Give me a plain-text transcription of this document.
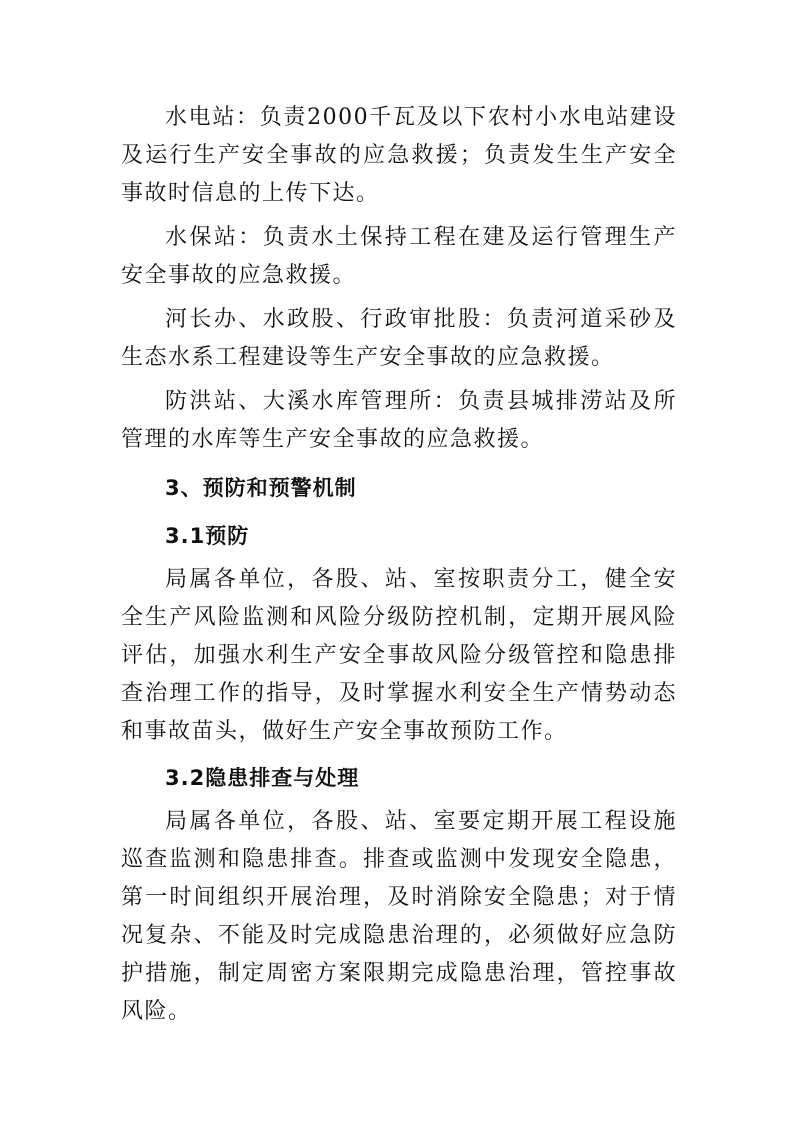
水电站：负责2000千瓦及以下农村小水电站建设及运行生产安全事故的应急救援；负责发生生产安全事故时信息的上传下达。

水保站：负责水土保持工程在建及运行管理生产安全事故的应急救援。

河长办、水政股、行政审批股：负责河道采砂及生态水系工程建设等生产安全事故的应急救援。

防洪站、大溪水库管理所：负责县城排涝站及所管理的水库等生产安全事故的应急救援。

3、预防和预警机制
3.1预防

局属各单位，各股、站、室按职责分工，健全安全生产风险监测和风险分级防控机制，定期开展风险评估，加强水利生产安全事故风险分级管控和隐患排查治理工作的指导，及时掌握水利安全生产情势动态和事故苗头，做好生产安全事故预防工作。

3.2隐患排查与处理

局属各单位，各股、站、室要定期开展工程设施巡查监测和隐患排查。排查或监测中发现安全隐患，第一时间组织开展治理，及时消除安全隐患；对于情况复杂、不能及时完成隐患治理的，必须做好应急防护措施，制定周密方案限期完成隐患治理，管控事故风险。
